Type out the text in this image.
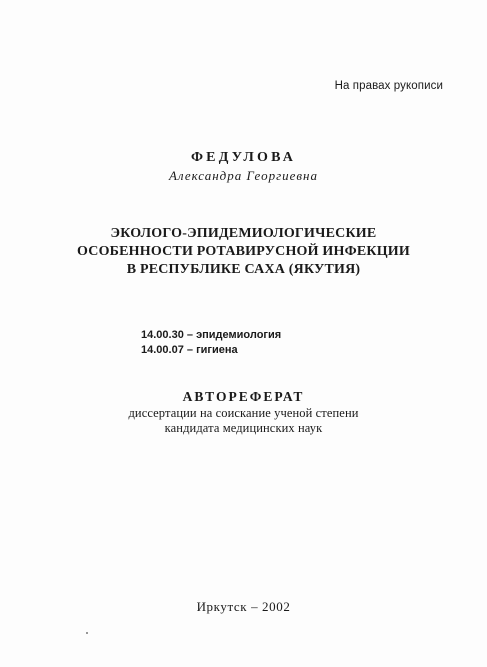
На правах рукописи
ФЕДУЛОВА
Александра Георгиевна
ЭКОЛОГО-ЭПИДЕМИОЛОГИЧЕСКИЕ
ОСОБЕННОСТИ РОТАВИРУСНОЙ ИНФЕКЦИИ
В РЕСПУБЛИКЕ САХА (ЯКУТИЯ)
14.00.30 – эпидемиология
14.00.07 – гигиена
АВТОРЕФЕРАТ
диссертации на соискание ученой степени
кандидата медицинских наук
Иркутск – 2002
